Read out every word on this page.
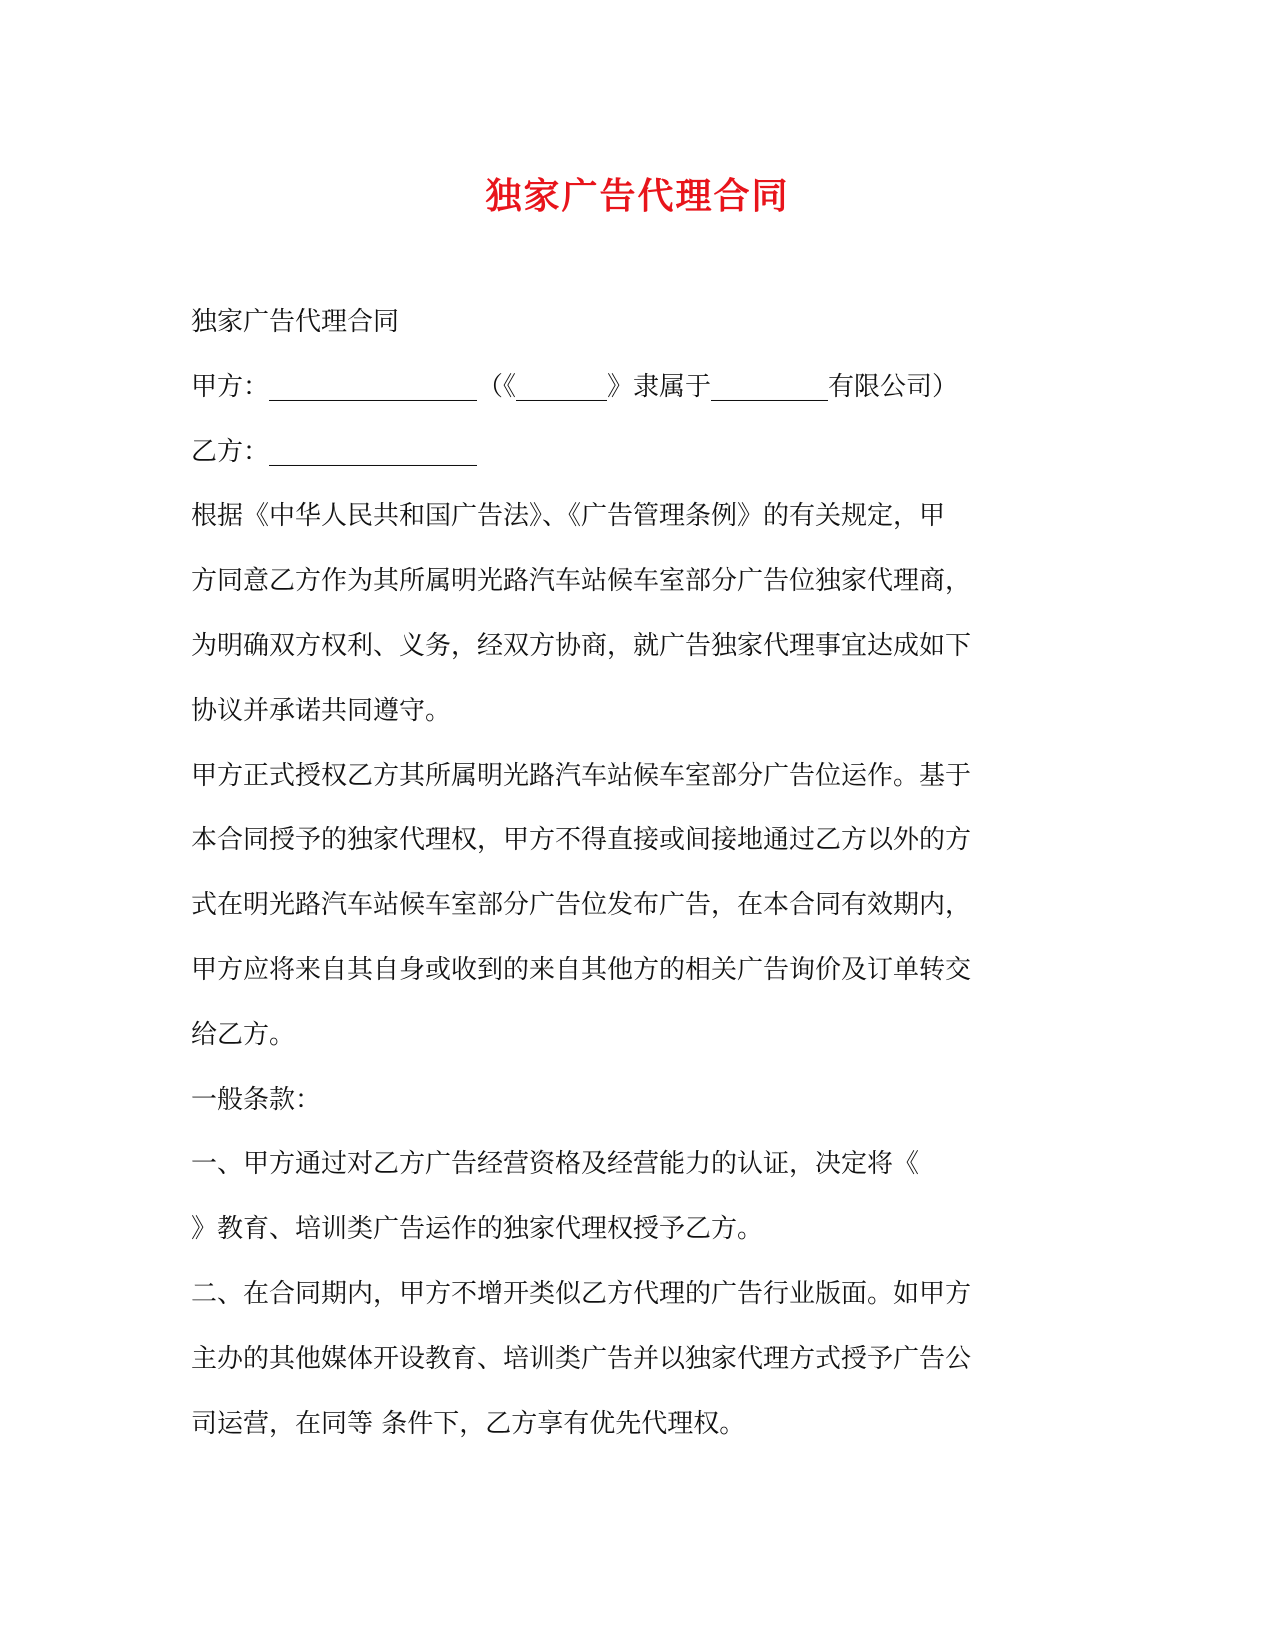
独家广告代理合同
独家广告代理合同
甲方：________________（《_______》隶属于_________有限公司）
乙方：________________
根据《中华人民共和国广告法》、《广告管理条例》的有关规定，甲
方同意乙方作为其所属明光路汽车站候车室部分广告位独家代理商，
为明确双方权利、义务，经双方协商，就广告独家代理事宜达成如下
协议并承诺共同遵守。
甲方正式授权乙方其所属明光路汽车站候车室部分广告位运作。基于
本合同授予的独家代理权，甲方不得直接或间接地通过乙方以外的方
式在明光路汽车站候车室部分广告位发布广告，在本合同有效期内，
甲方应将来自其自身或收到的来自其他方的相关广告询价及订单转交
给乙方。
一般条款：
一、甲方通过对乙方广告经营资格及经营能力的认证，决定将《
》教育、培训类广告运作的独家代理权授予乙方。
二、在合同期内，甲方不增开类似乙方代理的广告行业版面。如甲方
主办的其他媒体开设教育、培训类广告并以独家代理方式授予广告公
司运营，在同等 条件下，乙方享有优先代理权。
